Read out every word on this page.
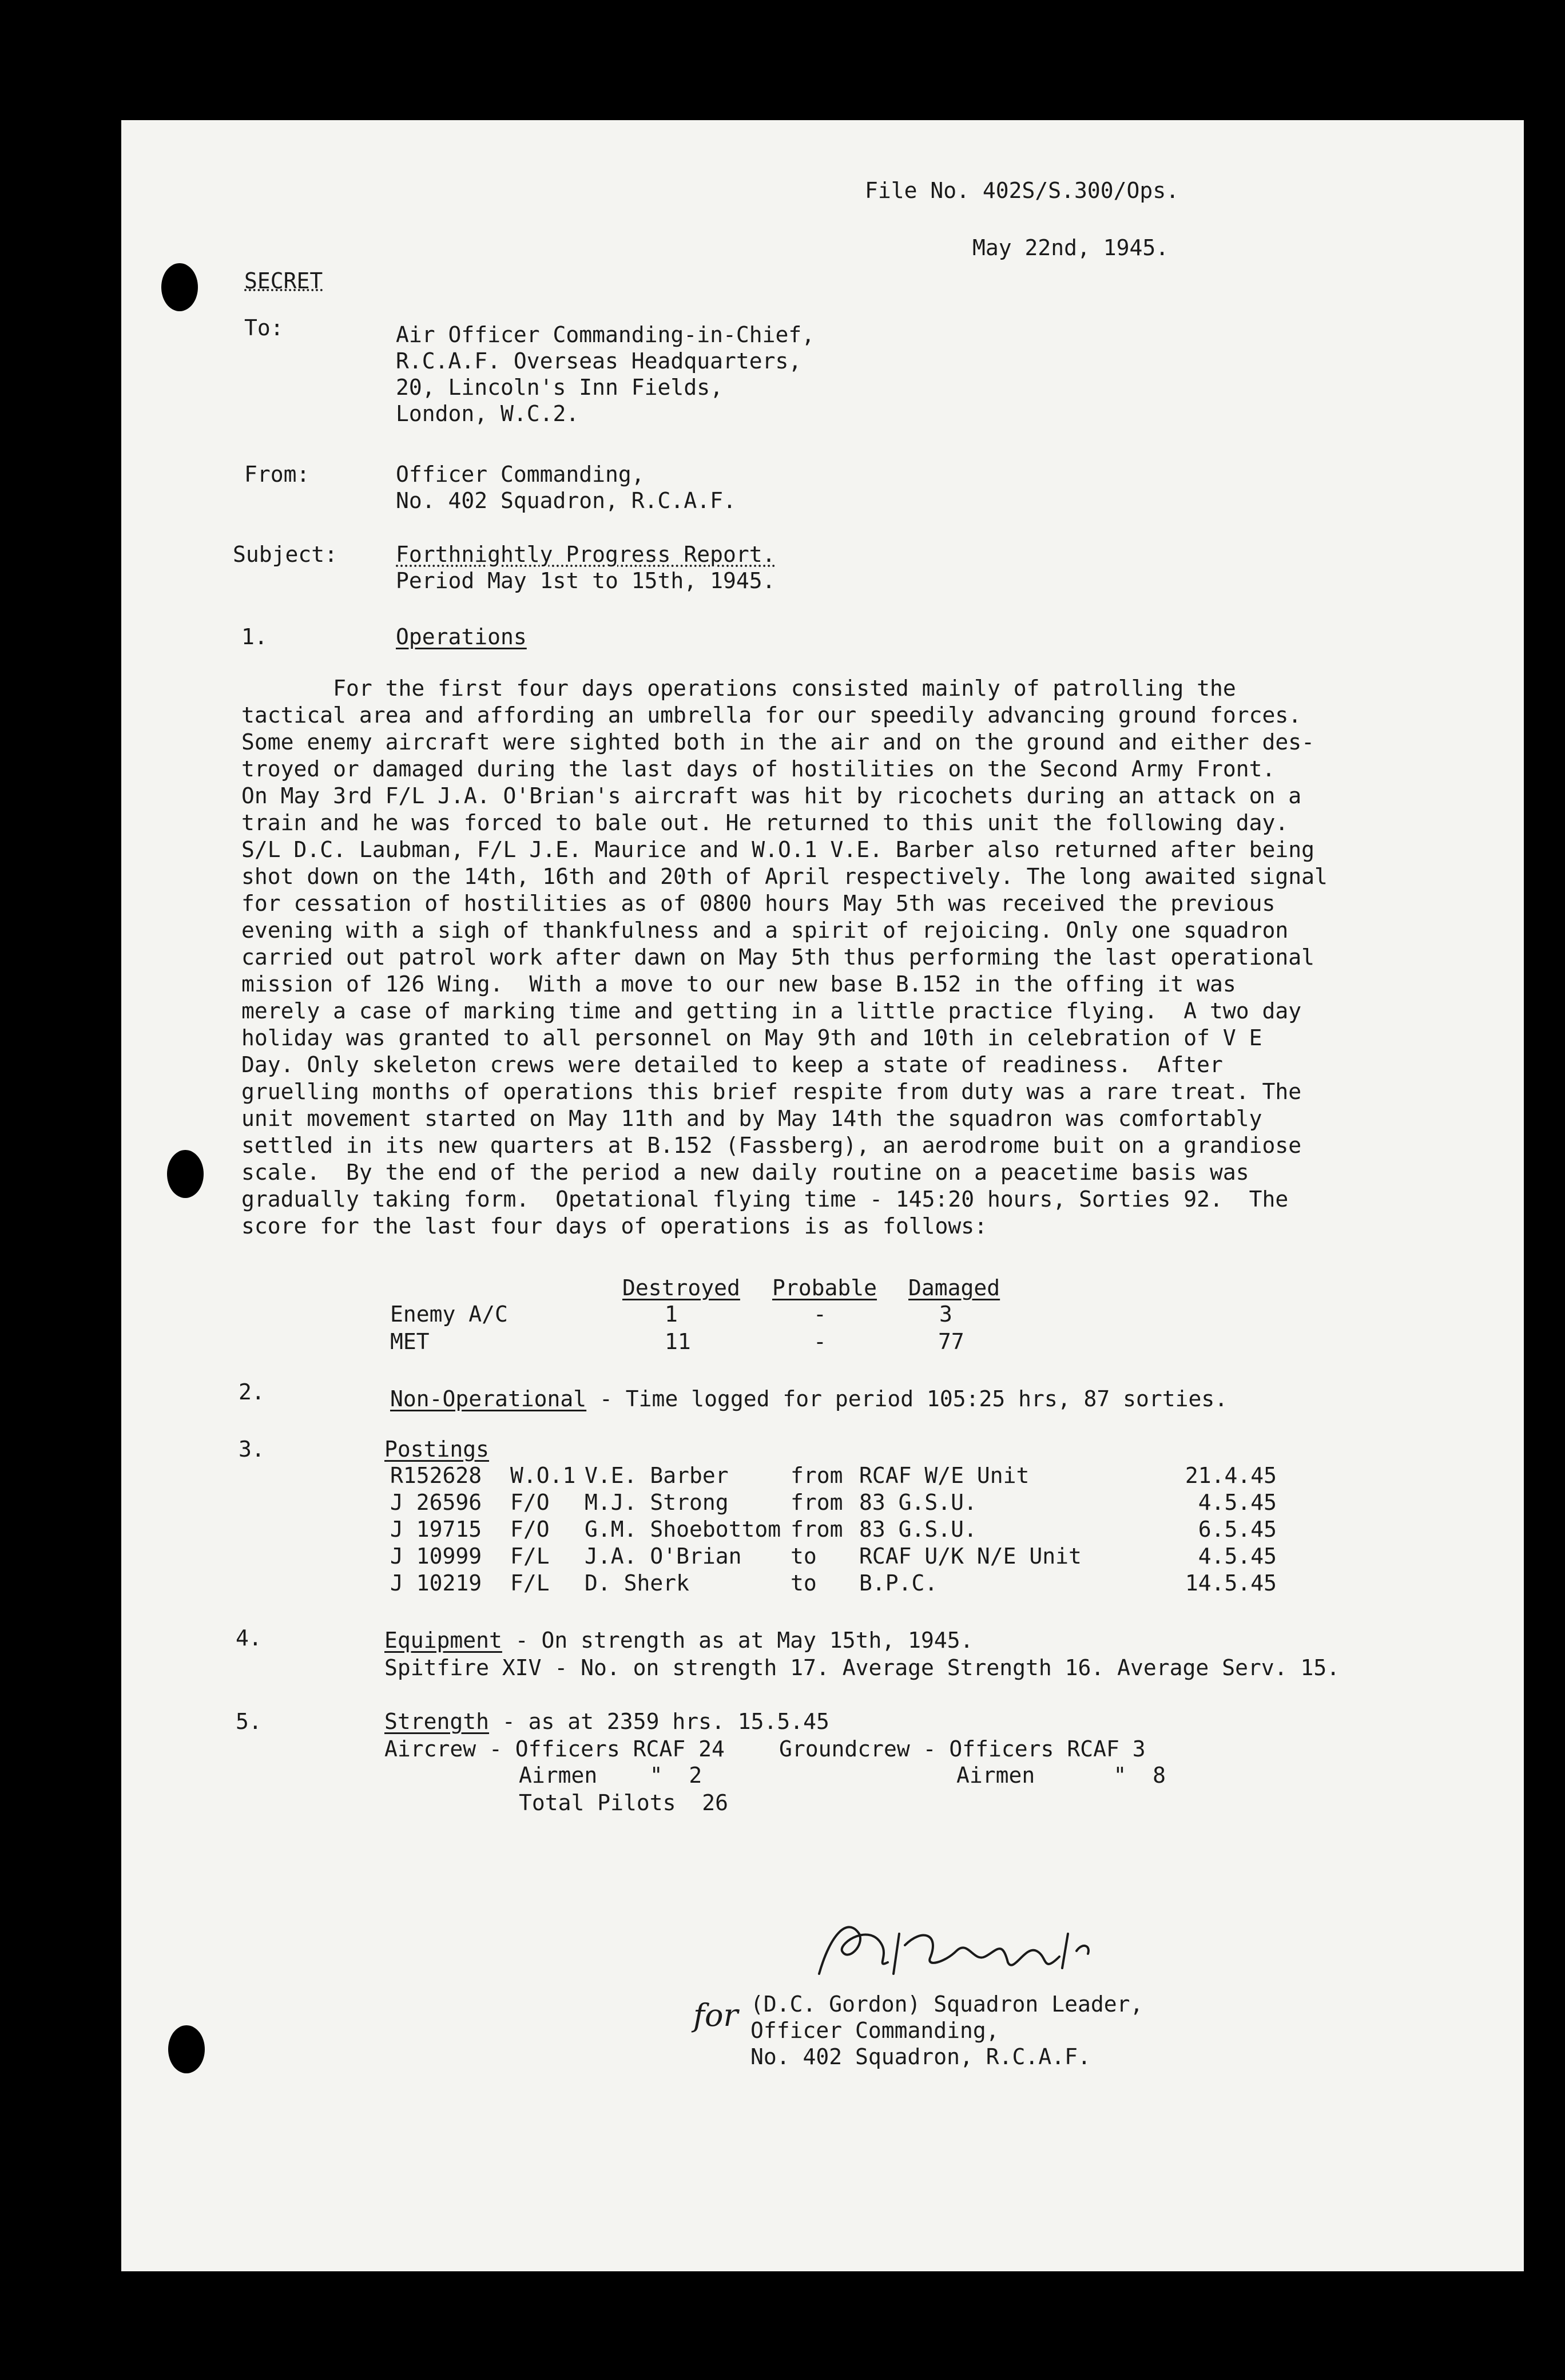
File No. 402S/S.300/Ops.
May 22nd, 1945.
SECRET
To:	Air Officer Commanding-in-Chief,
R.C.A.F. Overseas Headquarters,
20, Lincoln's Inn Fields,
London, W.C.2.
From:	Officer Commanding,
No. 402 Squadron, R.C.A.F.
Subject:	Forthnightly Progress Report.
Period May 1st to 15th, 1945.
1.	Operations
For the first four days operations consisted mainly of patrolling the
tactical area and affording an umbrella for our speedily advancing ground forces.
Some enemy aircraft were sighted both in the air and on the ground and either des-
troyed or damaged during the last days of hostilities on the Second Army Front.
On May 3rd F/L J.A. O'Brian's aircraft was hit by ricochets during an attack on a
train and he was forced to bale out. He returned to this unit the following day.
S/L D.C. Laubman, F/L J.E. Maurice and W.O.1 V.E. Barber also returned after being
shot down on the 14th, 16th and 20th of April respectively. The long awaited signal
for cessation of hostilities as of 0800 hours May 5th was received the previous
evening with a sigh of thankfulness and a spirit of rejoicing. Only one squadron
carried out patrol work after dawn on May 5th thus performing the last operational
mission of 126 Wing.  With a move to our new base B.152 in the offing it was
merely a case of marking time and getting in a little practice flying.  A two day
holiday was granted to all personnel on May 9th and 10th in celebration of V E
Day. Only skeleton crews were detailed to keep a state of readiness.  After
gruelling months of operations this brief respite from duty was a rare treat. The
unit movement started on May 11th and by May 14th the squadron was comfortably
settled in its new quarters at B.152 (Fassberg), an aerodrome buit on a grandiose
scale.  By the end of the period a new daily routine on a peacetime basis was
gradually taking form.  Opetational flying time - 145:20 hours, Sorties 92.  The
score for the last four days of operations is as follows:
Destroyed Probable Damaged
Enemy A/C	1	-	3
MET	11	-	77
2.	Non-Operational - Time logged for period 105:25 hrs, 87 sorties.
3.	Postings
R152628 W.O.1 V.E. Barber	from RCAF W/E Unit	21.4.45
J 26596 F/O M.J. Strong	from 83 G.S.U.	4.5.45
J 19715 F/O G.M. Shoebottom from 83 G.S.U.	6.5.45
J 10999 F/L J.A. O'Brian to RCAF U/K N/E Unit	4.5.45
J 10219 F/L D. Sherk	to B.P.C.	14.5.45
4.	Equipment - On strength as at May 15th, 1945.
Spitfire XIV - No. on strength 17. Average Strength 16. Average Serv. 15.
5.	Strength - as at 2359 hrs. 15.5.45
Aircrew - Officers RCAF 24	Groundcrew - Officers RCAF 3
Airmen    "  2	Airmen      "  8
Total Pilots  26
for (D.C. Gordon) Squadron Leader,
Officer Commanding,
No. 402 Squadron, R.C.A.F.
